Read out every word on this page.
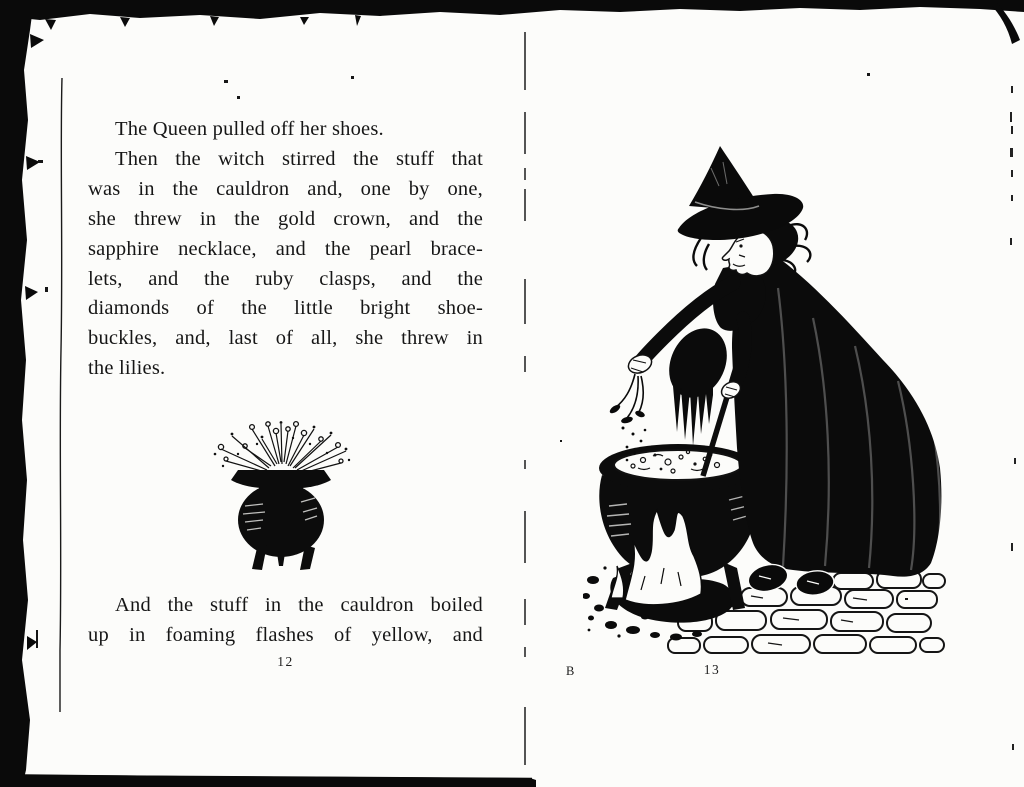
The Queen pulled off her shoes.
Then the witch stirred the stuff that
was in the cauldron and, one by one,
she threw in the gold crown, and the
sapphire necklace, and the pearl brace-
lets, and the ruby clasps, and the
diamonds of the little bright shoe-
buckles, and, last of all, she threw in
the lilies.
And the stuff in the cauldron boiled
up in foaming flashes of yellow, and
12
B	13
